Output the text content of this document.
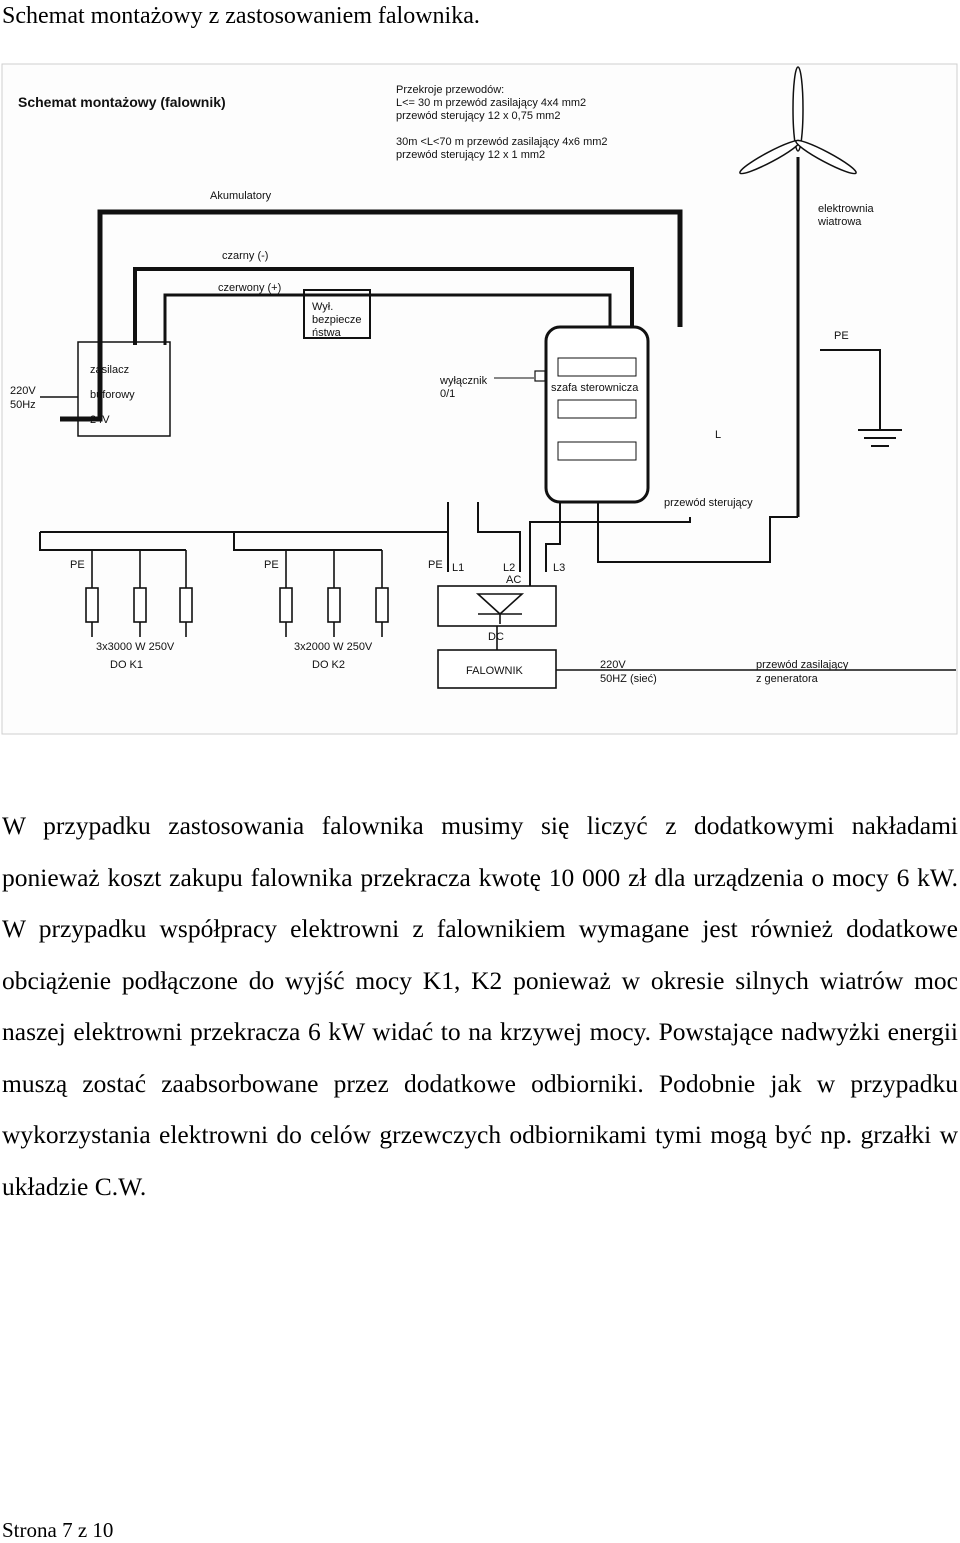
Schemat montażowy z zastosowaniem falownika.
Schemat montażowy (falownik)
Przekroje przewodów:
L<= 30 m przewód zasilający 4x4 mm2
przewód sterujący 12 x 0,75 mm2
30m <L<70 m przewód zasilający 4x6 mm2
przewód sterujący 12 x 1 mm2
Akumulatory
czarny (-)
czerwony (+)
Wył.
bezpiecze
ństwa
zasilacz
buforowy
24V
220V
50Hz
wyłącznik
0/1	szafa sterownicza
elektrownia
wiatrowa
PE
L
przewód sterujący
PE	PE	PE
3x3000 W 250V
DO K1
3x2000 W 250V
DO K2
L1	L2	L3
AC
DC
FALOWNIK	220V
50HZ (sieć)
przewód zasilający
z generatora

W przypadku zastosowania falownika musimy się liczyć z dodatkowymi nakładami ponieważ koszt zakupu falownika przekracza kwotę 10 000 zł dla urządzenia o mocy 6 kW. W przypadku współpracy elektrowni z falownikiem wymagane jest również dodatkowe obciążenie podłączone do wyjść mocy K1, K2 ponieważ w okresie silnych wiatrów moc naszej elektrowni przekracza 6 kW widać to na krzywej mocy. Powstające nadwyżki energii muszą zostać zaabsorbowane przez dodatkowe odbiorniki. Podobnie jak w przypadku wykorzystania elektrowni do celów grzewczych odbiornikami tymi mogą być np. grzałki w układzie C.W.

Strona 7 z 10
